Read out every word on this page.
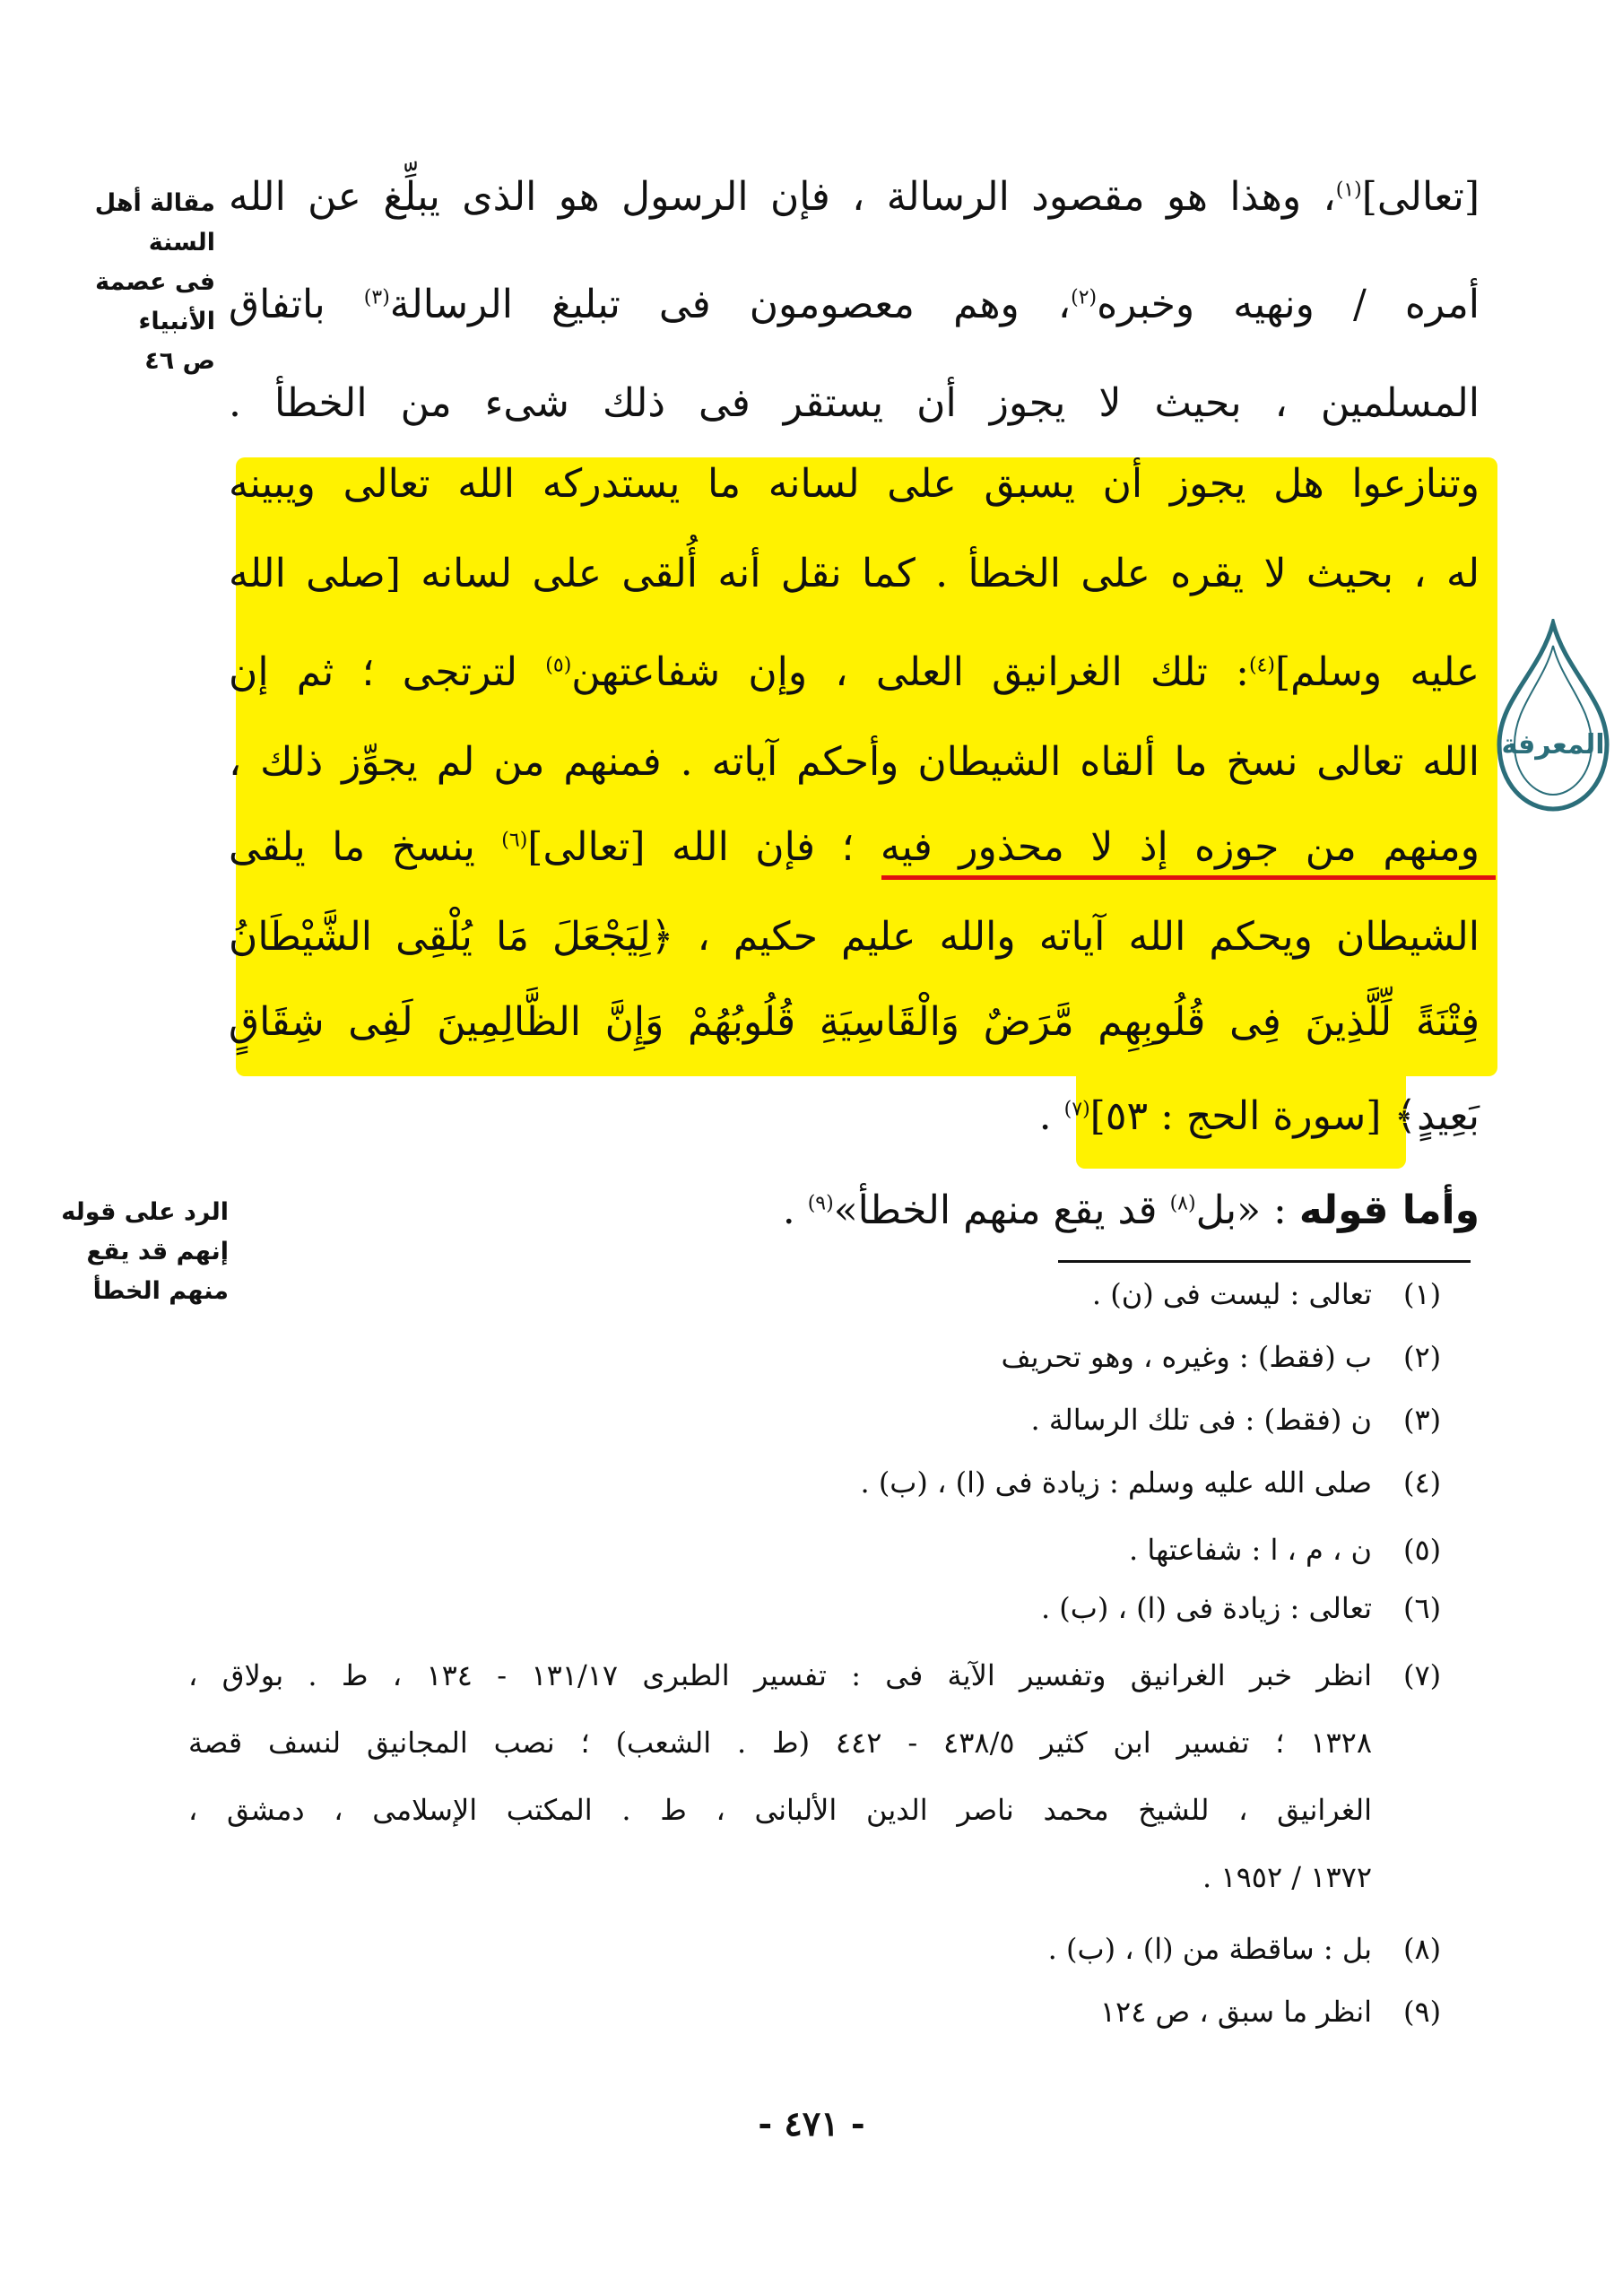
مقالة أهل السنة
فى عصمة الأنبياء
ص ٤٦
الرد على قوله
إنهم قد يقع
منهم الخطأ
[تعالى]$^{(١)}$، وهذا هو مقصود الرسالة ، فإن الرسول هو الذى يبلِّغ عن الله
أمره / ونهيه وخبره$^{(٢)}$، وهم معصومون فى تبليغ الرسالة$^{(٣)}$ باتفاق
المسلمين ، بحيث لا يجوز أن يستقر فى ذلك شىء من الخطأ .
وتنازعوا هل يجوز أن يسبق على لسانه ما يستدركه الله تعالى ويبينه
له ، بحيث لا يقره على الخطأ . كما نقل أنه أُلقى على لسانه [صلى الله
عليه وسلم]$^{(٤)}$: تلك الغرانيق العلى ، وإن شفاعتهن$^{(٥)}$ لترتجى ؛ ثم إن
الله تعالى نسخ ما ألقاه الشيطان وأحكم آياته . فمنهم من لم يجوِّز ذلك ،
ومنهم من جوزه إذ لا محذور فيه ؛ فإن الله [تعالى]$^{(٦)}$ ينسخ ما يلقى
الشيطان ويحكم الله آياته والله عليم حكيم ، ﴿لِيَجْعَلَ مَا يُلْقِى الشَّيْطَانُ
فِتْنَةً لِّلَّذِينَ فِى قُلُوبِهِم مَّرَضٌ وَالْقَاسِيَةِ قُلُوبُهُمْ وَإِنَّ الظَّالِمِينَ لَفِى شِقَاقٍ
بَعِيدٍ﴾ [سورة الحج : ٥٣]$^{(٧)}$ .
وأما قوله : «بل$^{(٨)}$ قد يقع منهم الخطأ»$^{(٩)}$ .
(١)
تعالى : ليست فى (ن) .
(٢)
ب (فقط) : وغيره ، وهو تحريف
(٣)
ن (فقط) : فى تلك الرسالة .
(٤)
صلى الله عليه وسلم : زيادة فى (ا) ، (ب) .
(٥)
ن ، م ، ا : شفاعتها .
(٦)
تعالى : زيادة فى (ا) ، (ب) .
(٧)
انظر خبر الغرانيق وتفسير الآية فى : تفسير الطبرى ١٣١/١٧ - ١٣٤ ، ط . بولاق ،
١٣٢٨ ؛ تفسير ابن كثير ٤٣٨/٥ - ٤٤٢ (ط . الشعب) ؛ نصب المجانيق لنسف قصة
الغرانيق ، للشيخ محمد ناصر الدين الألبانى ، ط . المكتب الإسلامى ، دمشق ،
١٣٧٢ / ١٩٥٢ .
(٨)
بل : ساقطة من (ا) ، (ب) .
(٩)
انظر ما سبق ، ص ١٢٤
- ٤٧١ -
المعرفة
